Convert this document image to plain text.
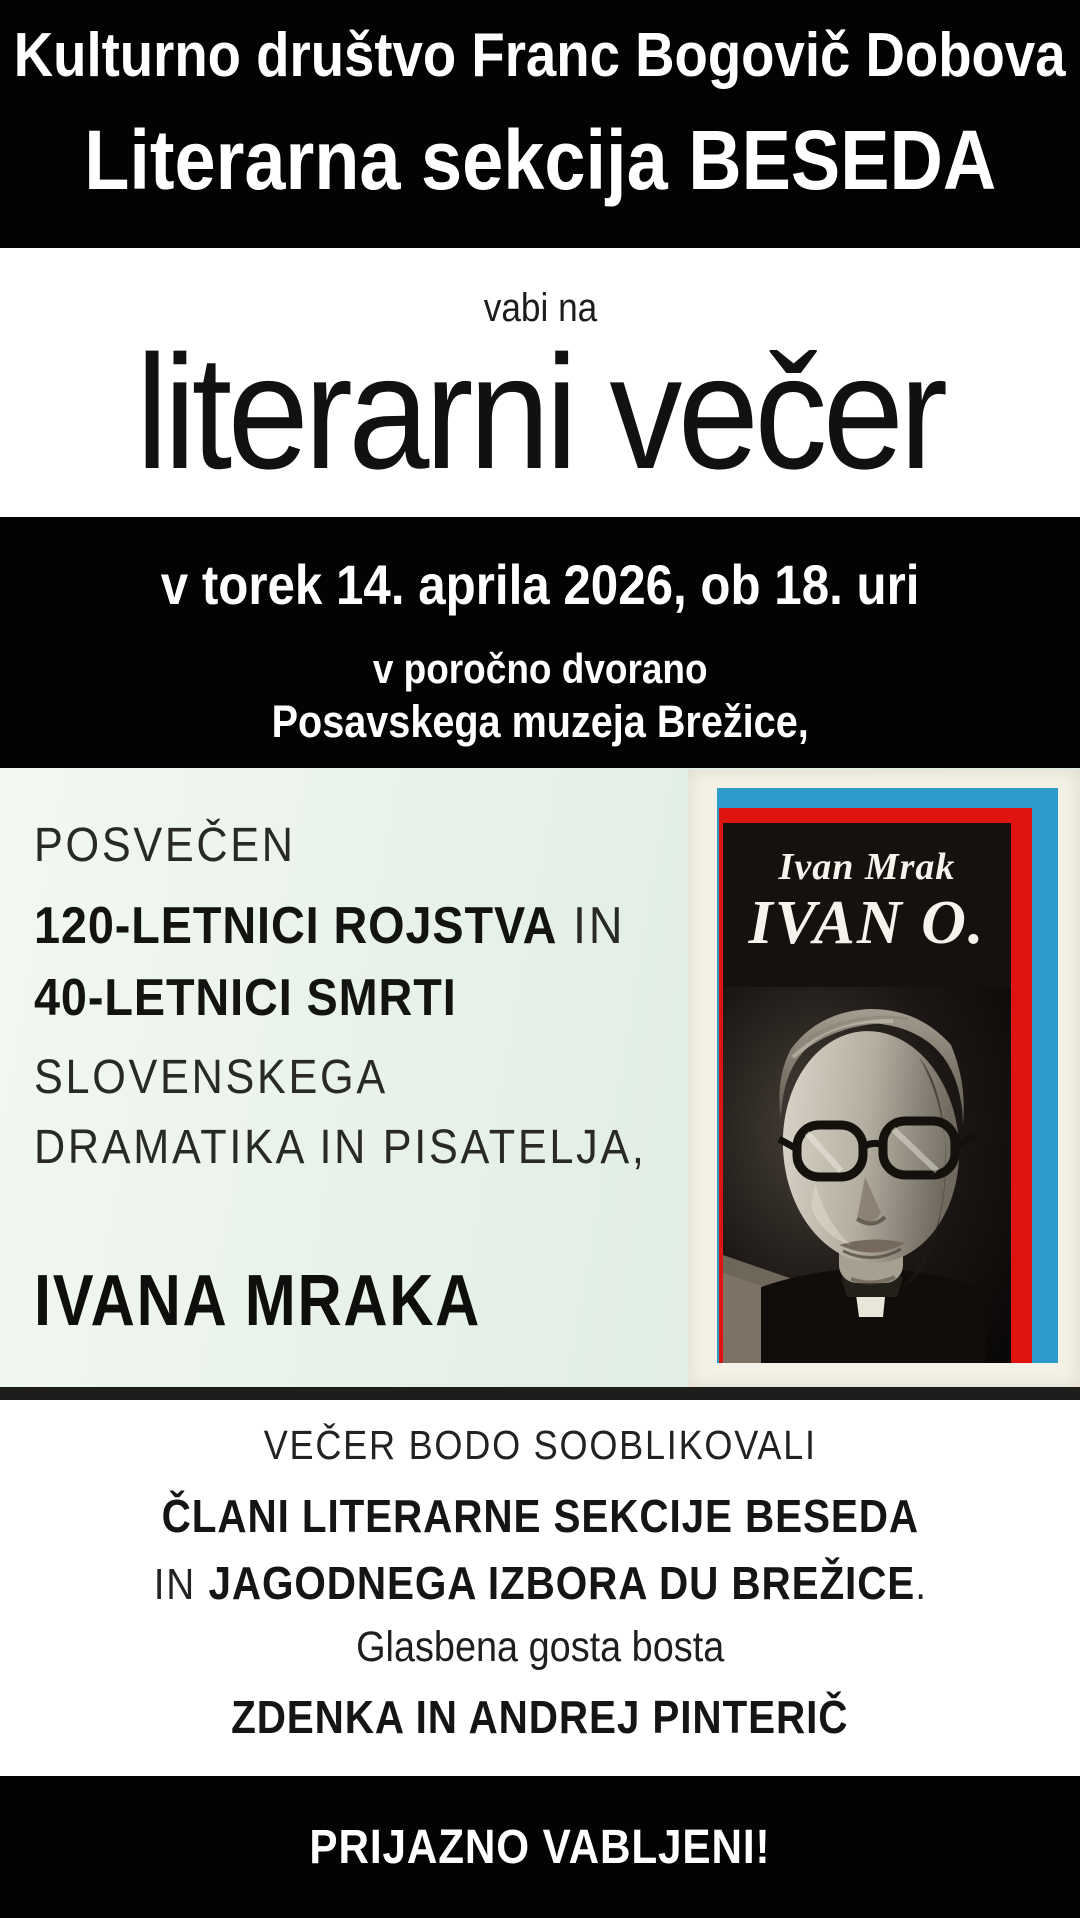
Kulturno društvo Franc Bogovič Dobova
Literarna sekcija BESEDA
vabi na
literarni večer
v torek 14. aprila 2026, ob 18. uri
v poročno dvorano
Posavskega muzeja Brežice,
POSVEČEN
120-LETNICI ROJSTVA IN
40-LETNICI SMRTI
SLOVENSKEGA
DRAMATIKA IN PISATELJA,
IVANA MRAKA
Ivan Mrak
IVAN O.
VEČER BODO SOOBLIKOVALI
ČLANI LITERARNE SEKCIJE BESEDA
IN JAGODNEGA IZBORA DU BREŽICE.
Glasbena gosta bosta
ZDENKA IN ANDREJ PINTERIČ
PRIJAZNO VABLJENI!
